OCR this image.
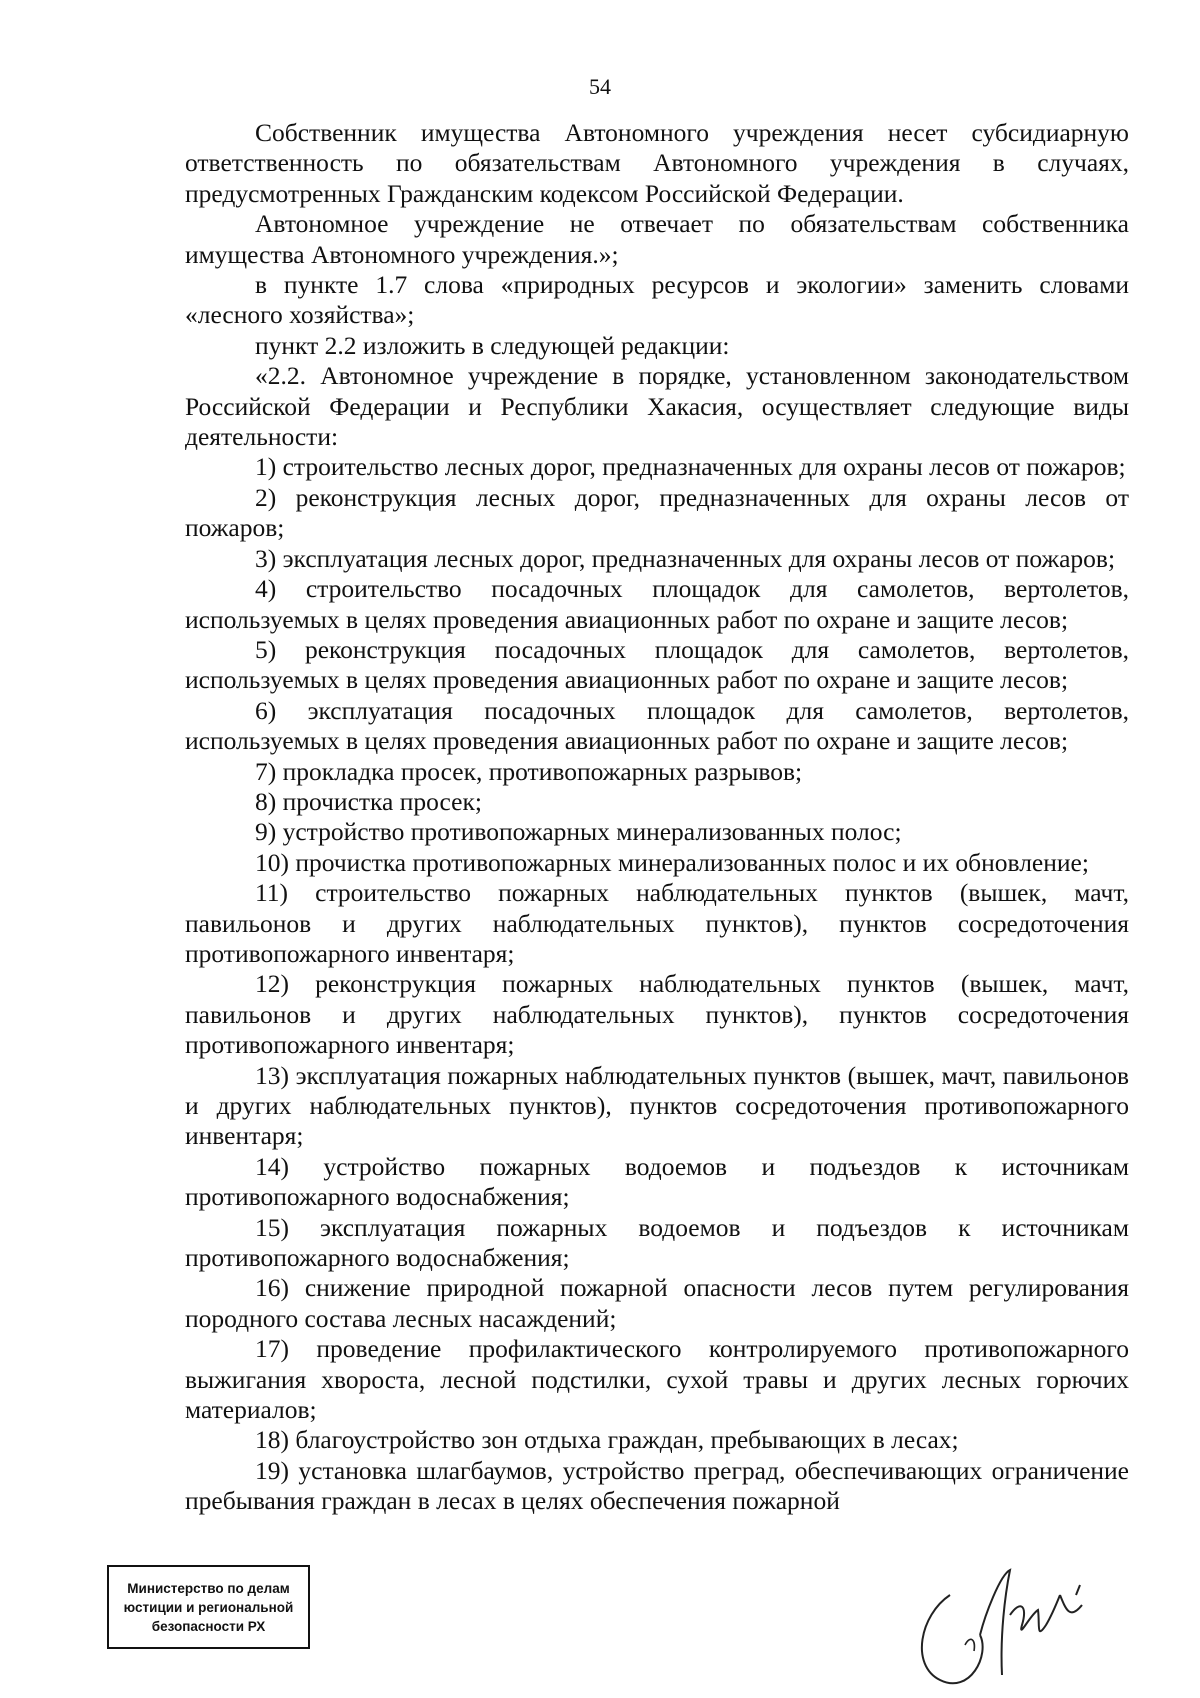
54

Собственник имущества Автономного учреждения несет субсидиарную ответственность по обязательствам Автономного учреждения в случаях, предусмотренных Гражданским кодексом Российской Федерации.

Автономное учреждение не отвечает по обязательствам собственника имущества Автономного учреждения.»;

в пункте 1.7 слова «природных ресурсов и экологии» заменить словами «лесного хозяйства»;

пункт 2.2 изложить в следующей редакции:

«2.2. Автономное учреждение в порядке, установленном законодательством Российской Федерации и Республики Хакасия, осуществляет следующие виды деятельности:

1) строительство лесных дорог, предназначенных для охраны лесов от пожаров;

2) реконструкция лесных дорог, предназначенных для охраны лесов от пожаров;

3) эксплуатация лесных дорог, предназначенных для охраны лесов от пожаров;

4) строительство посадочных площадок для самолетов, вертолетов, используемых в целях проведения авиационных работ по охране и защите лесов;

5) реконструкция посадочных площадок для самолетов, вертолетов, используемых в целях проведения авиационных работ по охране и защите лесов;

6) эксплуатация посадочных площадок для самолетов, вертолетов, используемых в целях проведения авиационных работ по охране и защите лесов;

7) прокладка просек, противопожарных разрывов;

8) прочистка просек;

9) устройство противопожарных минерализованных полос;

10) прочистка противопожарных минерализованных полос и их обновление;

11) строительство пожарных наблюдательных пунктов (вышек, мачт, павильонов и других наблюдательных пунктов), пунктов сосредоточения противопожарного инвентаря;

12) реконструкция пожарных наблюдательных пунктов (вышек, мачт, павильонов и других наблюдательных пунктов), пунктов сосредоточения противопожарного инвентаря;

13) эксплуатация пожарных наблюдательных пунктов (вышек, мачт, павильонов и других наблюдательных пунктов), пунктов сосредоточения противопожарного инвентаря;

14) устройство пожарных водоемов и подъездов к источникам противопожарного водоснабжения;

15) эксплуатация пожарных водоемов и подъездов к источникам противопожарного водоснабжения;

16) снижение природной пожарной опасности лесов путем регулирования породного состава лесных насаждений;

17) проведение профилактического контролируемого противопожарного выжигания хвороста, лесной подстилки, сухой травы и других лесных горючих материалов;

18) благоустройство зон отдыха граждан, пребывающих в лесах;

19) установка шлагбаумов, устройство преград, обеспечивающих ограничение пребывания граждан в лесах в целях обеспечения пожарной

Министерство по делам
юстиции и региональной
безопасности РХ
